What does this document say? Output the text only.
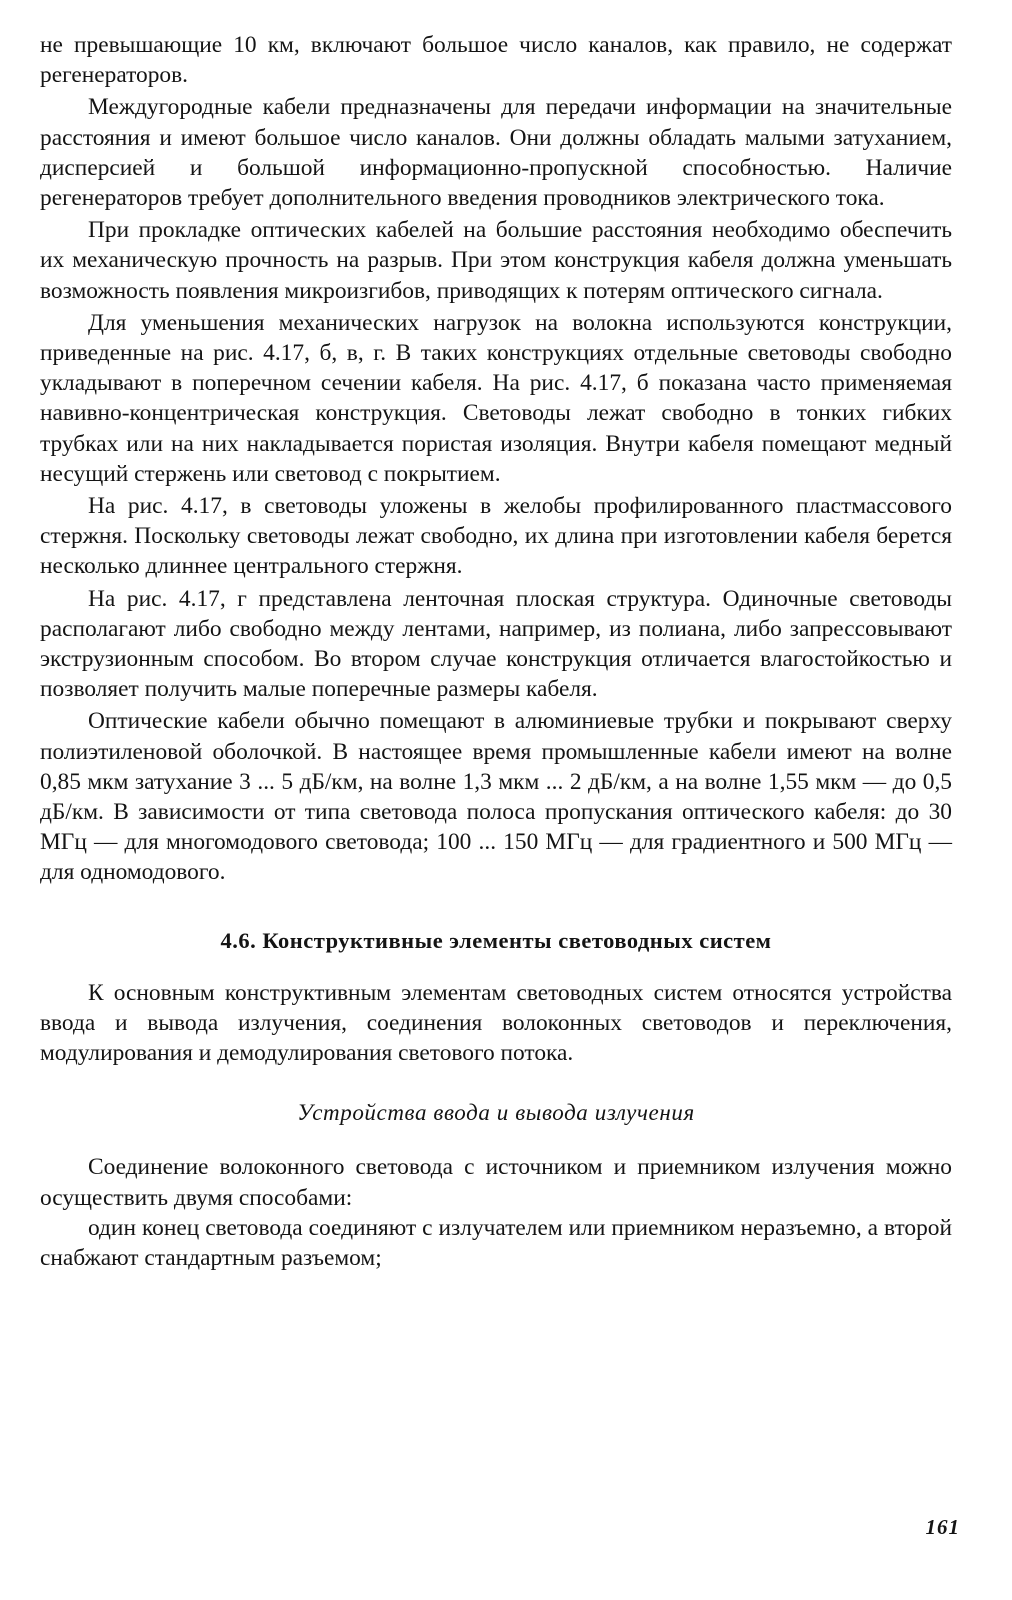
не превышающие 10 км, включают большое число каналов, как правило, не содержат регенераторов.

Междугородные кабели предназначены для передачи информации на значительные расстояния и имеют большое число каналов. Они должны обладать малыми затуханием, дисперсией и большой информационно-пропускной способностью. Наличие регенераторов требует дополнительного введения проводников электрического тока.

При прокладке оптических кабелей на большие расстояния необходимо обеспечить их механическую прочность на разрыв. При этом конструкция кабеля должна уменьшать возможность появления микроизгибов, приводящих к потерям оптического сигнала.

Для уменьшения механических нагрузок на волокна используются конструкции, приведенные на рис. 4.17, б, в, г. В таких конструкциях отдельные световоды свободно укладывают в поперечном сечении кабеля. На рис. 4.17, б показана часто применяемая навивно-концентрическая конструкция. Световоды лежат свободно в тонких гибких трубках или на них накладывается пористая изоляция. Внутри кабеля помещают медный несущий стержень или световод с покрытием.

На рис. 4.17, в световоды уложены в желобы профилированного пластмассового стержня. Поскольку световоды лежат свободно, их длина при изготовлении кабеля берется несколько длиннее центрального стержня.

На рис. 4.17, г представлена ленточная плоская структура. Одиночные световоды располагают либо свободно между лентами, например, из полиана, либо запрессовывают экструзионным способом. Во втором случае конструкция отличается влагостойкостью и позволяет получить малые поперечные размеры кабеля.

Оптические кабели обычно помещают в алюминиевые трубки и покрывают сверху полиэтиленовой оболочкой. В настоящее время промышленные кабели имеют на волне 0,85 мкм затухание 3 ... 5 дБ/км, на волне 1,3 мкм ... 2 дБ/км, а на волне 1,55 мкм — до 0,5 дБ/км. В зависимости от типа световода полоса пропускания оптического кабеля: до 30 МГц — для многомодового световода; 100 ... 150 МГц — для градиентного и 500 МГц — для одномодового.

4.6. Конструктивные элементы световодных систем

К основным конструктивным элементам световодных систем относятся устройства ввода и вывода излучения, соединения волоконных световодов и переключения, модулирования и демодулирования светового потока.

Устройства ввода и вывода излучения

Соединение волоконного световода с источником и приемником излучения можно осуществить двумя способами:

один конец световода соединяют с излучателем или приемником неразъемно, а второй снабжают стандартным разъемом;

161
